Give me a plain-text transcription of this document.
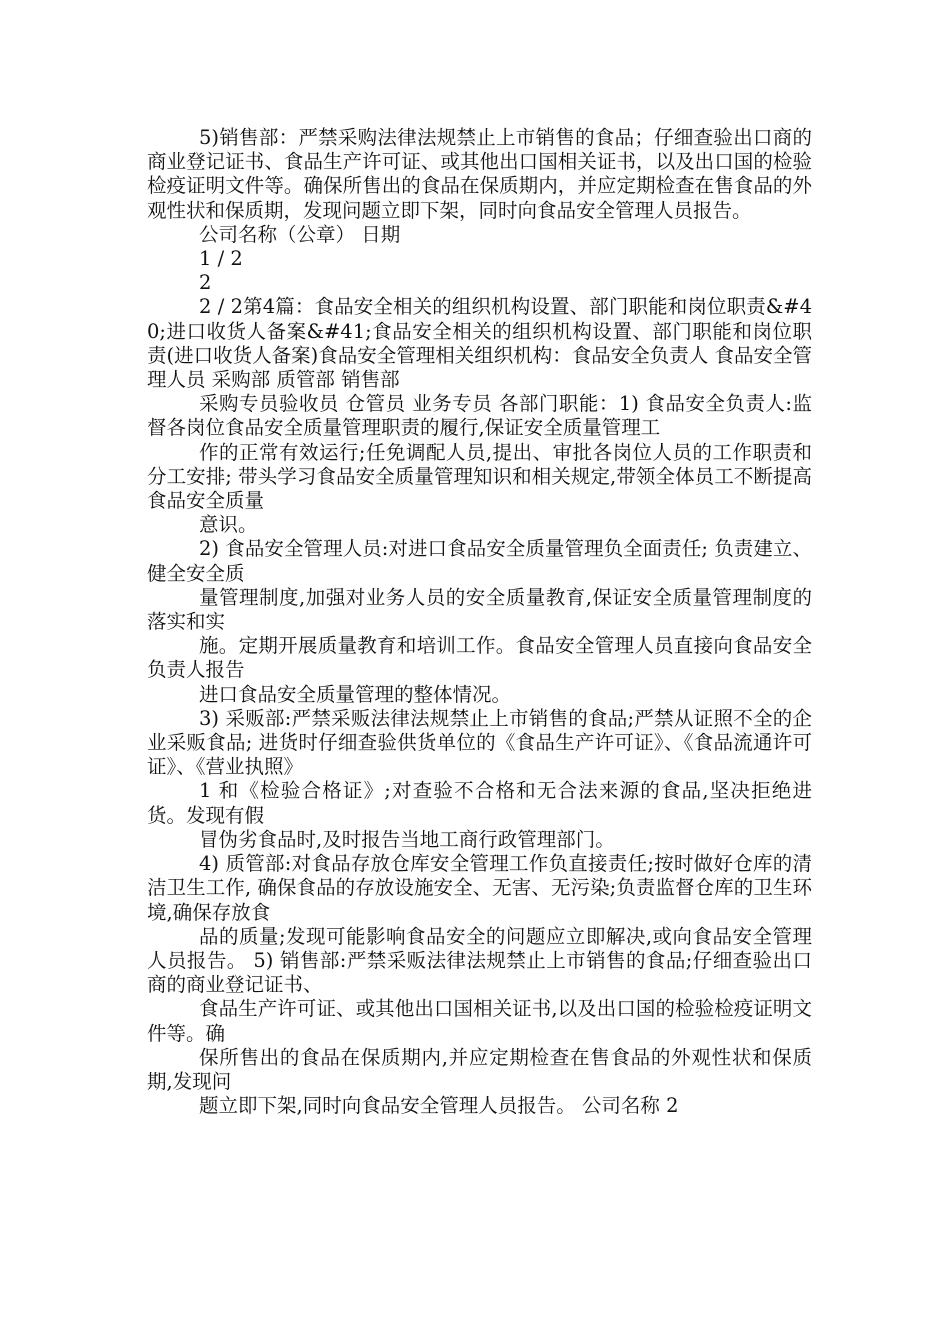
5)销售部：严禁采购法律法规禁止上市销售的食品；仔细查验出口商的商业登记证书、食品生产许可证、或其他出口国相关证书，以及出口国的检验检疫证明文件等。确保所售出的食品在保质期内，并应定期检查在售食品的外观性状和保质期，发现问题立即下架，同时向食品安全管理人员报告。

公司名称（公章） 日期

1 / 2

2

2 / 2第4篇：食品安全相关的组织机构设置、部门职能和岗位职责&#40;进口收货人备案&#41;食品安全相关的组织机构设置、部门职能和岗位职责(进口收货人备案)食品安全管理相关组织机构：食品安全负责人 食品安全管理人员 采购部 质管部 销售部

采购专员验收员 仓管员 业务专员 各部门职能：1) 食品安全负责人:监督各岗位食品安全质量管理职责的履行,保证安全质量管理工

作的正常有效运行;任免调配人员,提出、审批各岗位人员的工作职责和分工安排; 带头学习食品安全质量管理知识和相关规定,带领全体员工不断提高食品安全质量

意识。

2) 食品安全管理人员:对进口食品安全质量管理负全面责任; 负责建立、健全安全质

量管理制度,加强对业务人员的安全质量教育,保证安全质量管理制度的落实和实

施。定期开展质量教育和培训工作。食品安全管理人员直接向食品安全负责人报告

进口食品安全质量管理的整体情况。

3) 采贩部:严禁采贩法律法规禁止上市销售的食品;严禁从证照不全的企业采贩食品; 进货时仔细查验供货单位的《食品生产许可证》、《食品流通许可证》、《营业执照》

1 和《检验合格证》;对查验不合格和无合法来源的食品,坚决拒绝进货。发现有假

冒伪劣食品时,及时报告当地工商行政管理部门。

4) 质管部:对食品存放仓库安全管理工作负直接责任;按时做好仓库的清洁卫生工作, 确保食品的存放设施安全、无害、无污染;负责监督仓库的卫生环境,确保存放食

品的质量;发现可能影响食品安全的问题应立即解决,或向食品安全管理人员报告。 5) 销售部:严禁采贩法律法规禁止上市销售的食品;仔细查验出口商的商业登记证书、

食品生产许可证、或其他出口国相关证书,以及出口国的检验检疫证明文件等。确

保所售出的食品在保质期内,并应定期检查在售食品的外观性状和保质期,发现问

题立即下架,同时向食品安全管理人员报告。 公司名称 2
